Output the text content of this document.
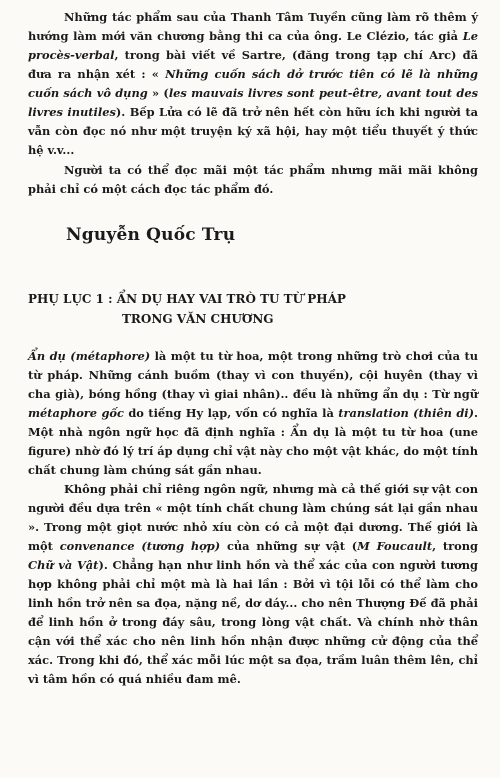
Những tác phẩm sau của Thanh Tâm Tuyền cũng làm rõ thêm ý hướng làm mới văn chương bằng thi ca của ông. Le Clézio, tác giả Le procès-verbal, trong bài viết về Sartre, (đăng trong tạp chí Arc) đã đưa ra nhận xét : « Những cuốn sách dở trước tiên có lẽ là những cuốn sách vô dụng » (les mauvais livres sont peut-être, avant tout des livres inutiles). Bếp Lửa có lẽ đã trở nên hết còn hữu ích khi người ta vẫn còn đọc nó như một truyện ký xã hội, hay một tiểu thuyết ý thức hệ v.v...

Người ta có thể đọc mãi một tác phẩm nhưng mãi mãi không phải chỉ có một cách đọc tác phẩm đó.

Nguyễn Quốc Trụ
PHỤ LỤC 1 : ẨN DỤ HAY VAI TRÒ TU TỪ PHÁP
TRONG VĂN CHƯƠNG

Ẩn dụ (métaphore) là một tu từ hoa, một trong những trò chơi của tu từ pháp. Những cánh buồm (thay vì con thuyền), cội huyên (thay vì cha già), bóng hồng (thay vì giai nhân).. đều là những ẩn dụ : Từ ngữ métaphore gốc do tiếng Hy lạp, vốn có nghĩa là translation (thiên di). Một nhà ngôn ngữ học đã định nghĩa : Ẩn dụ là một tu từ hoa (une figure) nhờ đó lý trí áp dụng chỉ vật này cho một vật khác, do một tính chất chung làm chúng sát gần nhau.

Không phải chỉ riêng ngôn ngữ, nhưng mà cả thế giới sự vật con người đều dựa trên « một tính chất chung làm chúng sát lại gần nhau ». Trong một giọt nước nhỏ xíu còn có cả một đại dương. Thế giới là một convenance (tương hợp) của những sự vật (M Foucault, trong Chữ và Vật). Chẳng hạn như linh hồn và thể xác của con người tương hợp không phải chỉ một mà là hai lần : Bởi vì tội lỗi có thể làm cho linh hồn trở nên sa đọa, nặng nề, dơ dáy... cho nên Thượng Đế đã phải để linh hồn ở trong đáy sâu, trong lòng vật chất. Và chính nhờ thân cận với thể xác cho nên linh hồn nhận được những cử động của thể xác. Trong khi đó, thể xác mỗi lúc một sa đọa, trầm luân thêm lên, chỉ vì tâm hồn có quá nhiều đam mê.
